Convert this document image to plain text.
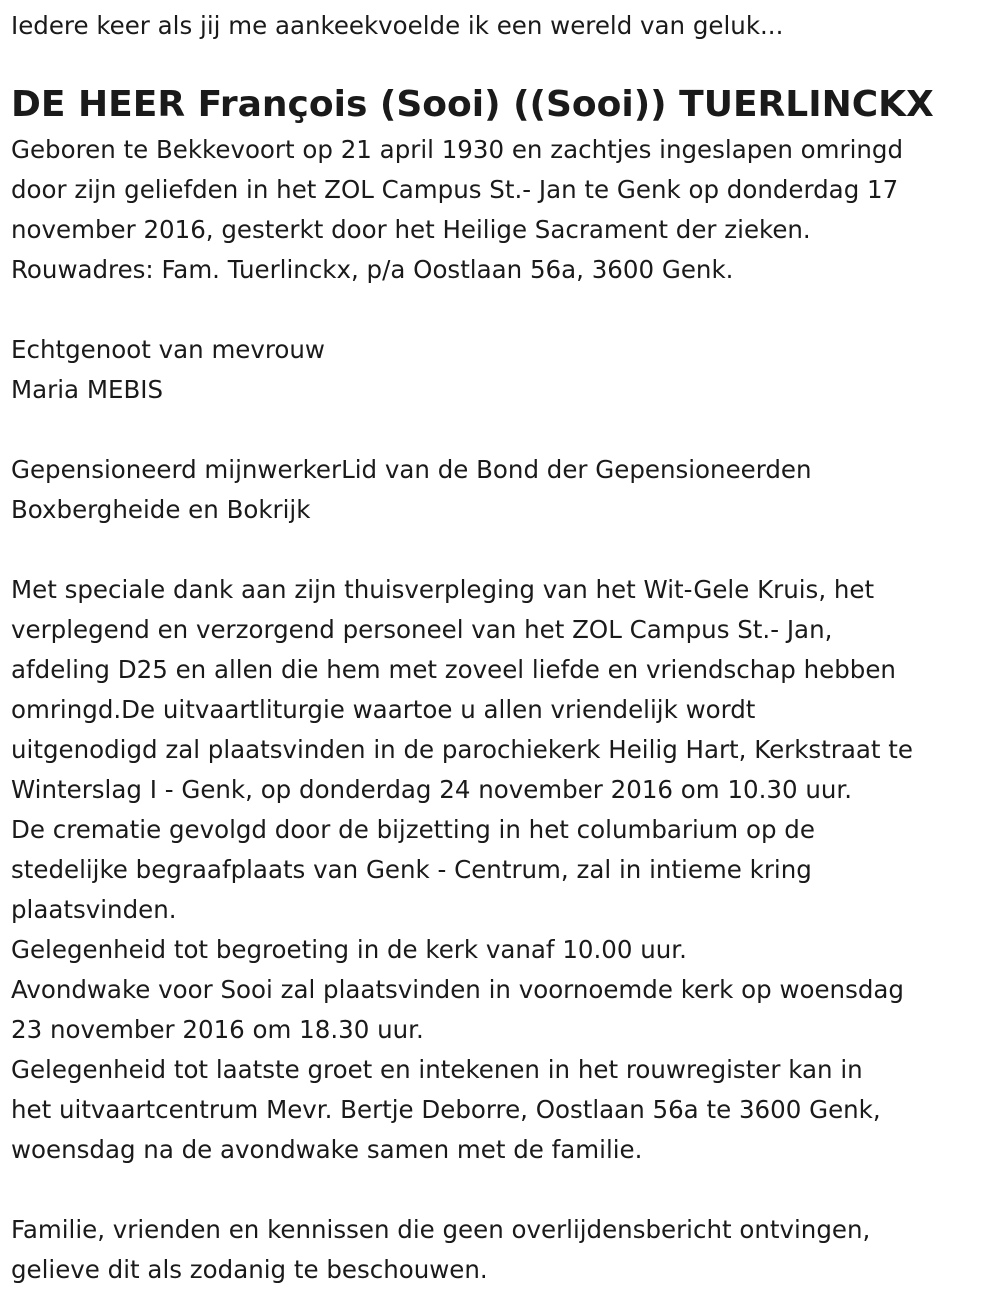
Iedere keer als jij me aankeekvoelde ik een wereld van geluk...
DE HEER François (Sooi) ((Sooi)) TUERLINCKX
Geboren te Bekkevoort op 21 april 1930 en zachtjes ingeslapen omringd
door zijn geliefden in het ZOL Campus St.- Jan te Genk op donderdag 17
november 2016, gesterkt door het Heilige Sacrament der zieken.
Rouwadres: Fam. Tuerlinckx, p/a Oostlaan 56a, 3600 Genk.
Echtgenoot van mevrouw
Maria MEBIS
Gepensioneerd mijnwerkerLid van de Bond der Gepensioneerden
Boxbergheide en Bokrijk
Met speciale dank aan zijn thuisverpleging van het Wit-Gele Kruis, het
verplegend en verzorgend personeel van het ZOL Campus St.- Jan,
afdeling D25 en allen die hem met zoveel liefde en vriendschap hebben
omringd.De uitvaartliturgie waartoe u allen vriendelijk wordt
uitgenodigd zal plaatsvinden in de parochiekerk Heilig Hart, Kerkstraat te
Winterslag I - Genk, op donderdag 24 november 2016 om 10.30 uur.
De crematie gevolgd door de bijzetting in het columbarium op de
stedelijke begraafplaats van Genk - Centrum, zal in intieme kring
plaatsvinden.
Gelegenheid tot begroeting in de kerk vanaf 10.00 uur.
Avondwake voor Sooi zal plaatsvinden in voornoemde kerk op woensdag
23 november 2016 om 18.30 uur.
Gelegenheid tot laatste groet en intekenen in het rouwregister kan in
het uitvaartcentrum Mevr. Bertje Deborre, Oostlaan 56a te 3600 Genk,
woensdag na de avondwake samen met de familie.
Familie, vrienden en kennissen die geen overlijdensbericht ontvingen,
gelieve dit als zodanig te beschouwen.
